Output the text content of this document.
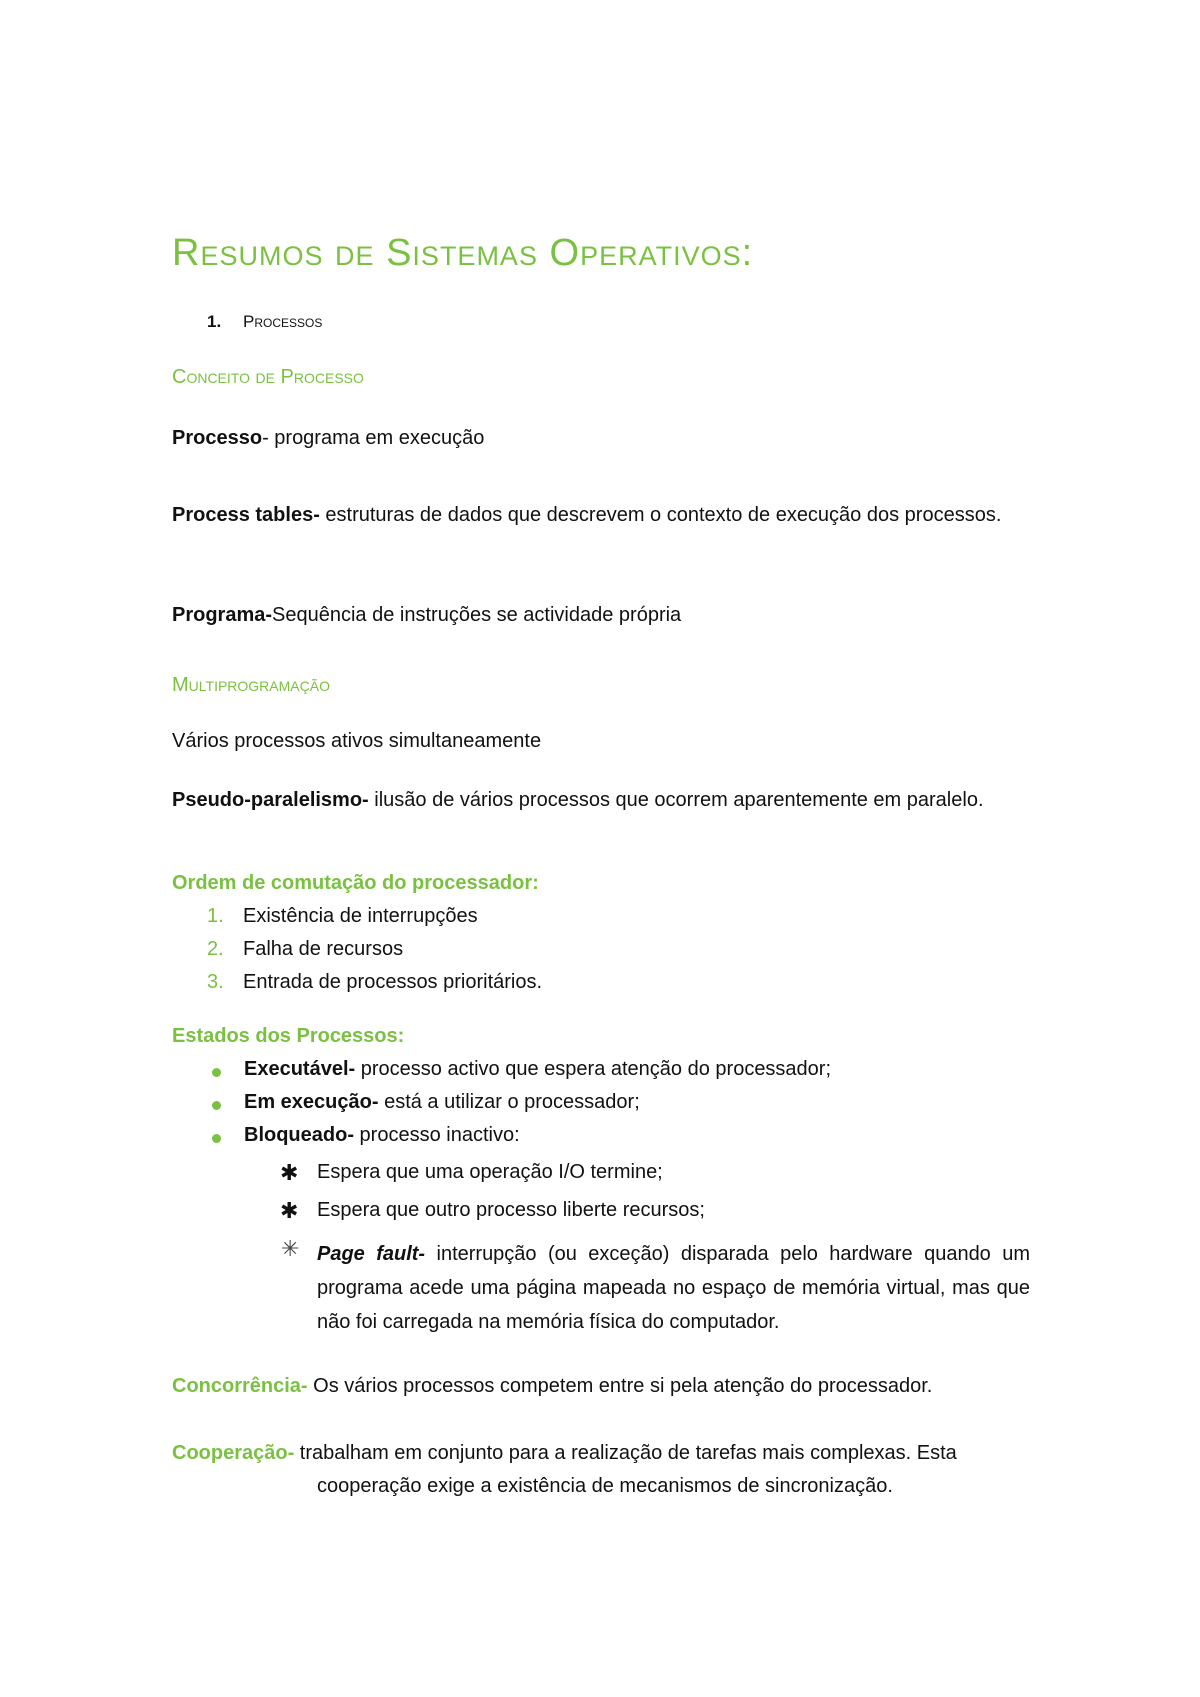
Resumos de Sistemas Operativos:
1. Processos
Conceito de Processo
Processo- programa em execução
Process tables- estruturas de dados que descrevem o contexto de execução dos processos.
Programa-Sequência de instruções se actividade própria
Multiprogramação
Vários processos ativos simultaneamente
Pseudo-paralelismo- ilusão de vários processos que ocorrem aparentemente em paralelo.
Ordem de comutação do processador:
1. Existência de interrupções
2. Falha de recursos
3. Entrada de processos prioritários.
Estados dos Processos:
Executável- processo activo que espera atenção do processador;
Em execução- está a utilizar o processador;
Bloqueado- processo inactivo:
✱ Espera que uma operação I/O termine;
✱ Espera que outro processo liberte recursos;
✳ Page fault- interrupção (ou exceção) disparada pelo hardware quando um programa acede uma página mapeada no espaço de memória virtual, mas que não foi carregada na memória física do computador.
Concorrência- Os vários processos competem entre si pela atenção do processador.
Cooperação- trabalham em conjunto para a realização de tarefas mais complexas. Esta
cooperação exige a existência de mecanismos de sincronização.
